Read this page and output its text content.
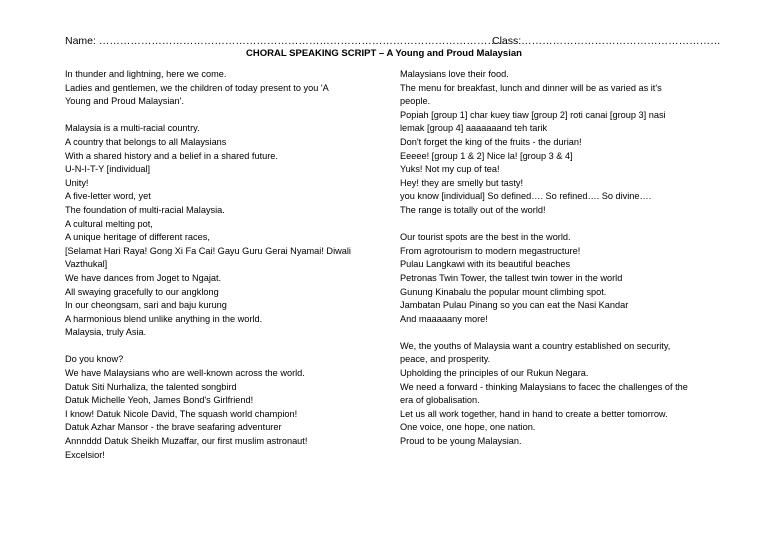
Name: ………………………………………………………………………………………………………
Class:…………………………………………………
CHORAL SPEAKING SCRIPT – A Young and Proud Malaysian
In thunder and lightning, here we come.
Ladies and gentlemen, we the children of today present to you 'A
Young and Proud Malaysian'.
Malaysia is a multi-racial country.
A country that belongs to all Malaysians
With a shared history and a belief in a shared future.
U-N-I-T-Y [individual]
Unity!
A five-letter word, yet
The foundation of multi-racial Malaysia.
A cultural melting pot,
A unique heritage of different races,
[Selamat Hari Raya! Gong Xi Fa Cai! Gayu Guru Gerai Nyamai! Diwali
Vazthukal]
We have dances from Joget to Ngajat.
All swaying gracefully to our angklong
In our cheongsam, sari and baju kurung
A harmonious blend unlike anything in the world.
Malaysia, truly Asia.
Do you know?
We have Malaysians who are well-known across the world.
Datuk Siti Nurhaliza, the talented songbird
Datuk Michelle Yeoh, James Bond's Girlfriend!
I know! Datuk Nicole David, The squash world champion!
Datuk Azhar Mansor - the brave seafaring adventurer
Annnddd Datuk Sheikh Muzaffar, our first muslim astronaut!
Excelsior!
Malaysians love their food.
The menu for breakfast, lunch and dinner will be as varied as it's
people.
Popiah [group 1] char kuey tiaw [group 2] roti canai [group 3] nasi
lemak [group 4] aaaaaaand teh tarik
Don't forget the king of the fruits - the durian!
Eeeee! [group 1 & 2] Nice la! [group 3 & 4]
Yuks! Not my cup of tea!
Hey! they are smelly but tasty!
you know [individual] So defined…. So refined…. So divine….
The range is totally out of the world!
Our tourist spots are the best in the world.
From agrotourism to modern megastructure!
Pulau Langkawi with its beautiful beaches
Petronas Twin Tower, the tallest twin tower in the world
Gunung Kinabalu the popular mount climbing spot.
Jambatan Pulau Pinang so you can eat the Nasi Kandar
And maaaaany more!
We, the youths of Malaysia want a country established on security,
peace, and prosperity.
Upholding the principles of our Rukun Negara.
We need a forward - thinking Malaysians to facec the challenges of the
era of globalisation.
Let us all work together, hand in hand to create a better tomorrow.
One voice, one hope, one nation.
Proud to be young Malaysian.
